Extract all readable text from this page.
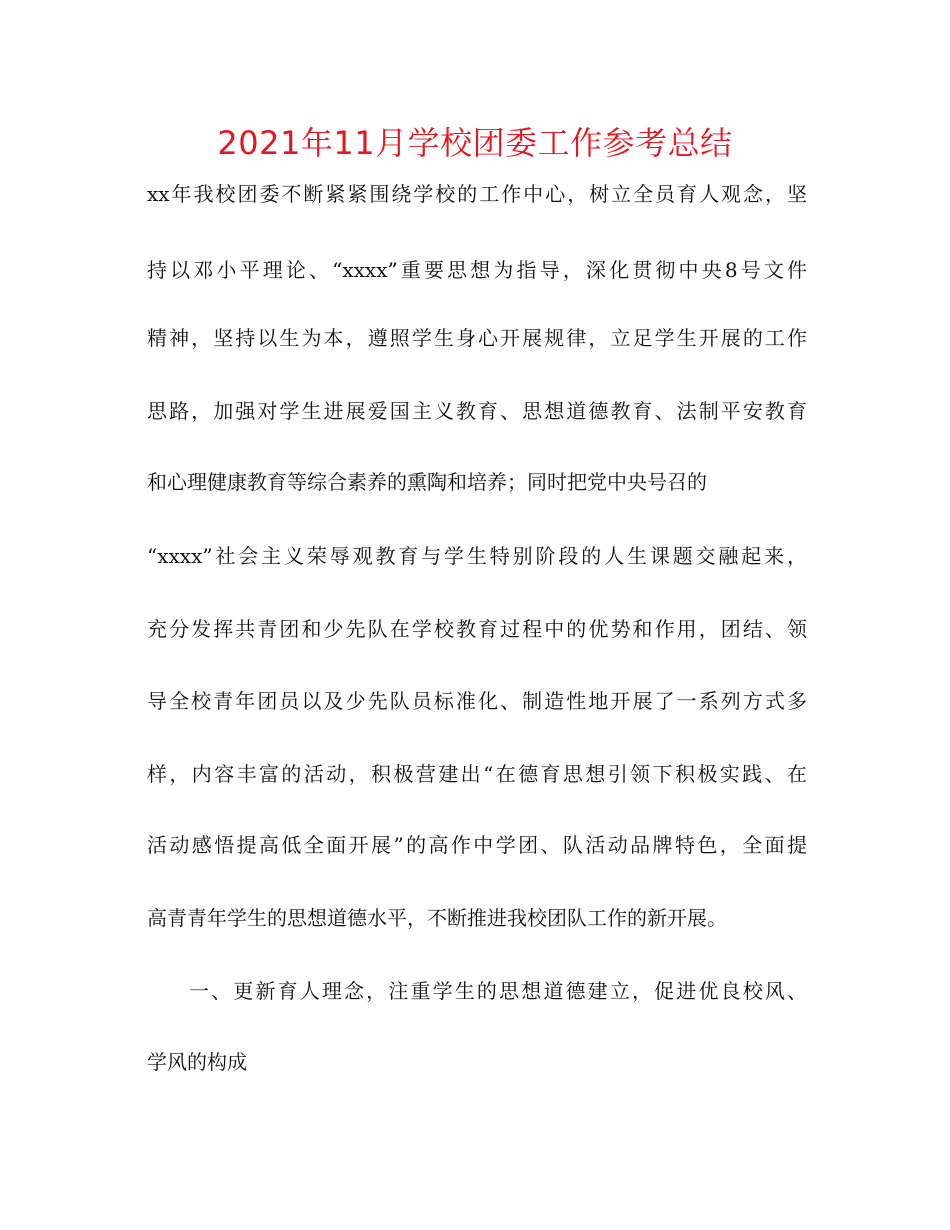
2021年11月学校团委工作参考总结

xx年我校团委不断紧紧围绕学校的工作中心，树立全员育人观念，坚

持以邓小平理论、“xxxx”重要思想为指导，深化贯彻中央8号文件

精神，坚持以生为本，遵照学生身心开展规律，立足学生开展的工作

思路，加强对学生进展爱国主义教育、思想道德教育、法制平安教育

和心理健康教育等综合素养的熏陶和培养；同时把党中央号召的

“xxxx”社会主义荣辱观教育与学生特别阶段的人生课题交融起来，

充分发挥共青团和少先队在学校教育过程中的优势和作用，团结、领

导全校青年团员以及少先队员标准化、制造性地开展了一系列方式多

样，内容丰富的活动，积极营建出“在德育思想引领下积极实践、在

活动感悟提高低全面开展”的高作中学团、队活动品牌特色，全面提

高青青年学生的思想道德水平，不断推进我校团队工作的新开展。

一、更新育人理念，注重学生的思想道德建立，促进优良校风、

学风的构成
